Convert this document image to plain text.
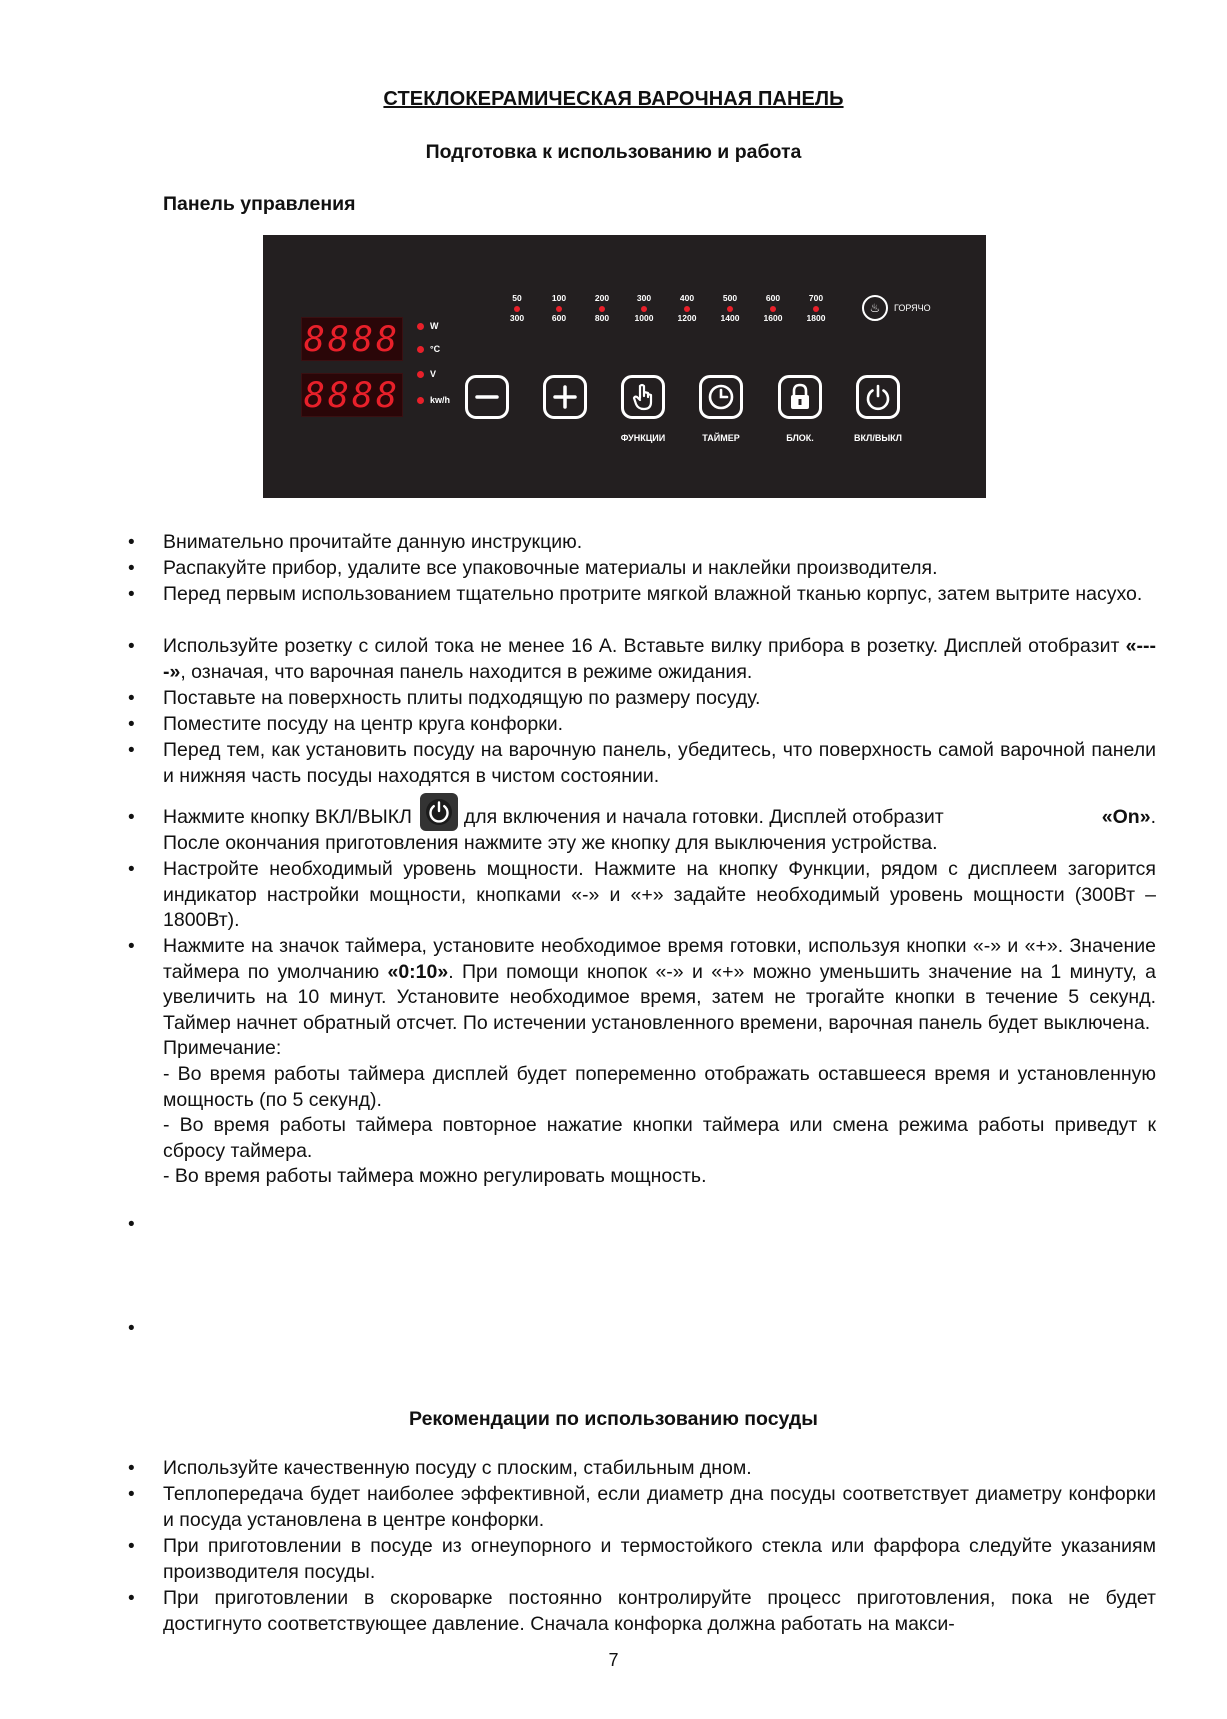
СТЕКЛОКЕРАМИЧЕСКАЯ ВАРОЧНАЯ ПАНЕЛЬ
Подготовка к использованию и работа
Панель управления
8888
8888
W
°C
V
kw/h
50
300
100
600
200
800
300
1000
400
1200
500
1400
600
1600
700
1800
♨	ГОРЯЧО
ФУНКЦИИ	ТАЙМЕР	БЛОК.	ВКЛ/ВЫКЛ
• Внимательно прочитайте данную инструкцию.
• Распакуйте прибор, удалите все упаковочные материалы и наклейки производителя.
• Перед первым использованием тщательно протрите мягкой влажной тканью корпус, затем вытрите насухо.
• Используйте розетку с силой тока не менее 16 А. Вставьте вилку прибора в розетку. Дисплей отобразит «----», означая, что варочная панель находится в режиме ожидания.
• Поставьте на поверхность плиты подходящую по размеру посуду.
• Поместите посуду на центр круга конфорки.
• Перед тем, как установить посуду на варочную панель, убедитесь, что поверхность самой варочной панели и нижняя часть посуды находятся в чистом состоянии.
• Нажмите кнопку ВКЛ/ВЫКЛ	для включения и начала готовки. Дисплей отобразит	«On».
После окончания приготовления нажмите эту же кнопку для выключения устройства.
• Настройте необходимый уровень мощности. Нажмите на кнопку Функции, рядом с дисплеем загорится индикатор настройки мощности, кнопками «-» и «+» задайте необходимый уровень мощности (300Вт – 1800Вт).
• Нажмите на значок таймера, установите необходимое время готовки, используя кнопки «-» и «+». Значение таймера по умолчанию «0:10». При помощи кнопок «-» и «+» можно уменьшить значение на 1 минуту, а увеличить на 10 минут. Установите необходимое время, затем не трогайте кнопки в течение 5 секунд. Таймер начнет обратный отсчет. По истечении установленного времени, варочная панель будет выключена.
Примечание:
- Во время работы таймера дисплей будет попеременно отображать оставшееся время и установленную мощность (по 5 секунд).
- Во время работы таймера повторное нажатие кнопки таймера или смена режима работы приведут к сбросу таймера.
- Во время работы таймера можно регулировать мощность.
•
•
Рекомендации по использованию посуды
• Используйте качественную посуду с плоским, стабильным дном.
• Теплопередача будет наиболее эффективной, если диаметр дна посуды соответствует диаметру конфорки и посуда установлена в центре конфорки.
• При приготовлении в посуде из огнеупорного и термостойкого стекла или фарфора следуйте указаниям производителя посуды.
• При приготовлении в скороварке постоянно контролируйте процесс приготовления, пока не будет достигнуто соответствующее давление. Сначала конфорка должна работать на макси-
7
